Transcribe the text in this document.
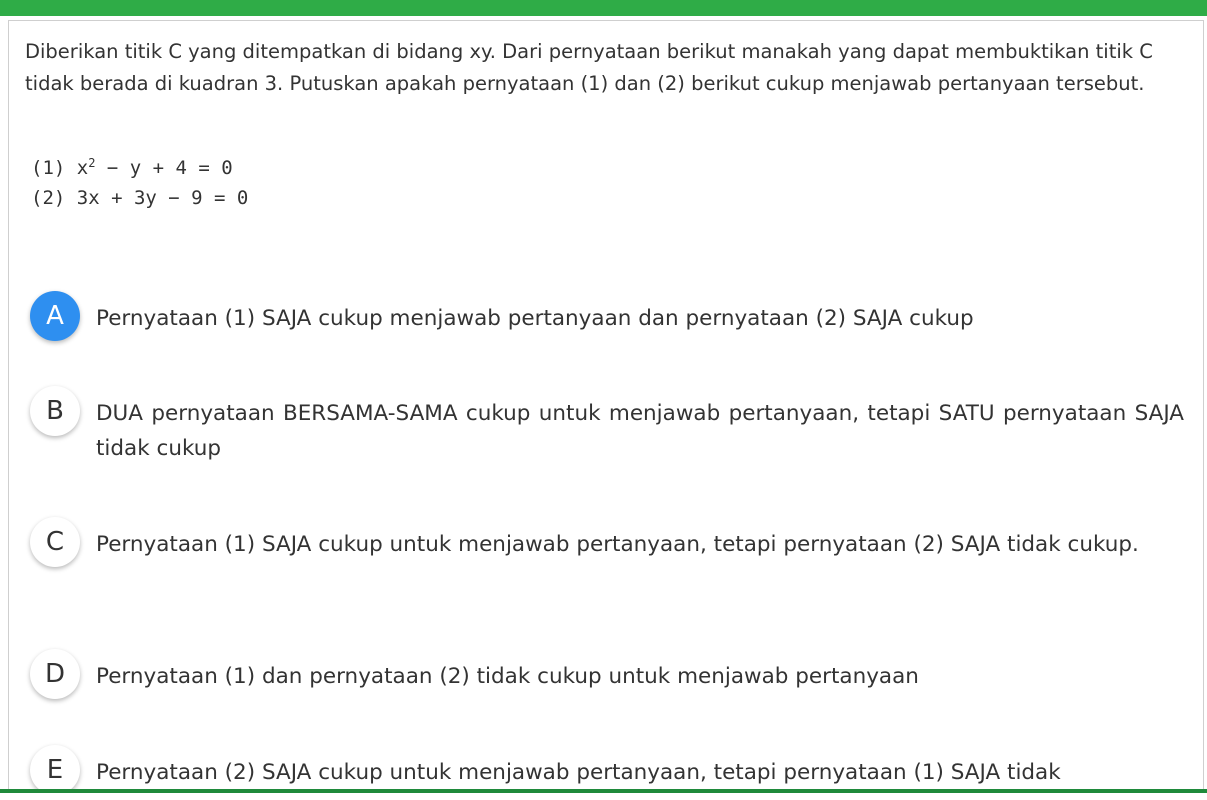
Diberikan titik C yang ditempatkan di bidang xy. Dari pernyataan berikut manakah yang dapat membuktikan titik C tidak berada di kuadran 3. Putuskan apakah pernyataan (1) dan (2) berikut cukup menjawab pertanyaan tersebut.
(1) $x^2 - y + 4 = 0$
(2) 3x + 3y − 9 = 0
A	Pernyataan (1) SAJA cukup menjawab pertanyaan dan pernyataan (2) SAJA cukup
B	DUA pernyataan BERSAMA-SAMA cukup untuk menjawab pertanyaan, tetapi SATU pernyataan SAJA tidak cukup
C	Pernyataan (1) SAJA cukup untuk menjawab pertanyaan, tetapi pernyataan (2) SAJA tidak cukup.
D	Pernyataan (1) dan pernyataan (2) tidak cukup untuk menjawab pertanyaan
E	Pernyataan (2) SAJA cukup untuk menjawab pertanyaan, tetapi pernyataan (1) SAJA tidak
